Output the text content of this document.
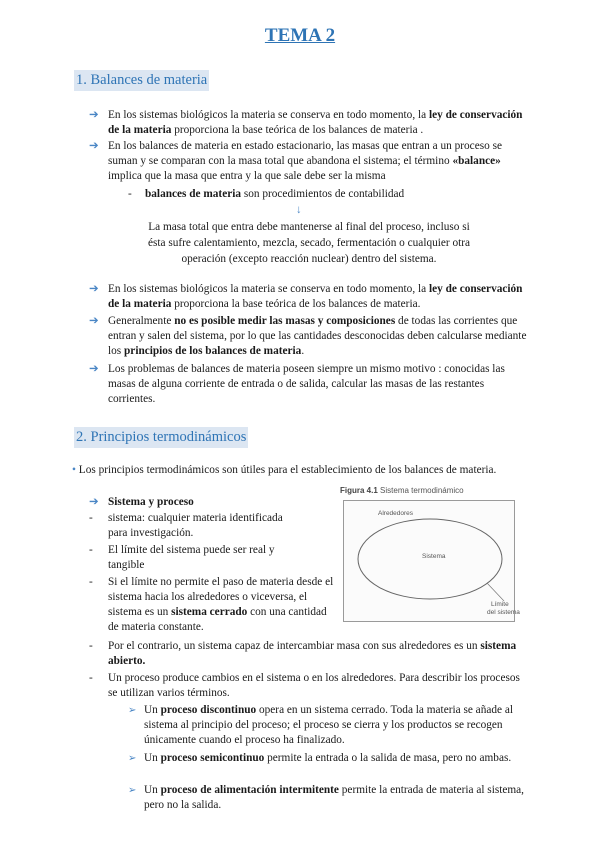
TEMA 2
1. Balances de materia
➔ En los sistemas biológicos la materia se conserva en todo momento, la ley de conservación de la materia proporciona la base teórica de los balances de materia .
➔ En los balances de materia en estado estacionario, las masas que entran a un proceso se suman y se comparan con la masa total que abandona el sistema; el término «balance» implica que la masa que entra y la que sale debe ser la misma
- balances de materia son procedimientos de contabilidad
↓
La masa total que entra debe mantenerse al final del proceso, incluso si ésta sufre calentamiento, mezcla, secado, fermentación o cualquier otra operación (excepto reacción nuclear) dentro del sistema.
➔ En los sistemas biológicos la materia se conserva en todo momento, la ley de conservación de la materia proporciona la base teórica de los balances de materia.
➔ Generalmente no es posible medir las masas y composiciones de todas las corrientes que entran y salen del sistema, por lo que las cantidades desconocidas deben calcularse mediante los principios de los balances de materia.
➔ Los problemas de balances de materia poseen siempre un mismo motivo : conocidas las masas de alguna corriente de entrada o de salida, calcular las masas de las restantes corrientes.
2. Principios termodinámicos
• Los principios termodinámicos son útiles para el establecimiento de los balances de materia.
➔ Sistema y proceso
- sistema: cualquier materia identificada para investigación.
- El límite del sistema puede ser real y tangible
- Si el límite no permite el paso de materia desde el sistema hacia los alrededores o viceversa, el sistema es un sistema cerrado con una cantidad de materia constante.
- Por el contrario, un sistema capaz de intercambiar masa con sus alrededores es un sistema abierto.
- Un proceso produce cambios en el sistema o en los alrededores. Para describir los procesos se utilizan varios términos.
➢ Un proceso discontinuo opera en un sistema cerrado. Toda la materia se añade al sistema al principio del proceso; el proceso se cierra y los productos se recogen únicamente cuando el proceso ha finalizado.
➢ Un proceso semicontinuo permite la entrada o la salida de masa, pero no ambas.
➢ Un proceso de alimentación intermitente permite la entrada de materia al sistema, pero no la salida.
Figura 4.1 Sistema termodinámico
Alrededores
Sistema
Límite
del sistema
